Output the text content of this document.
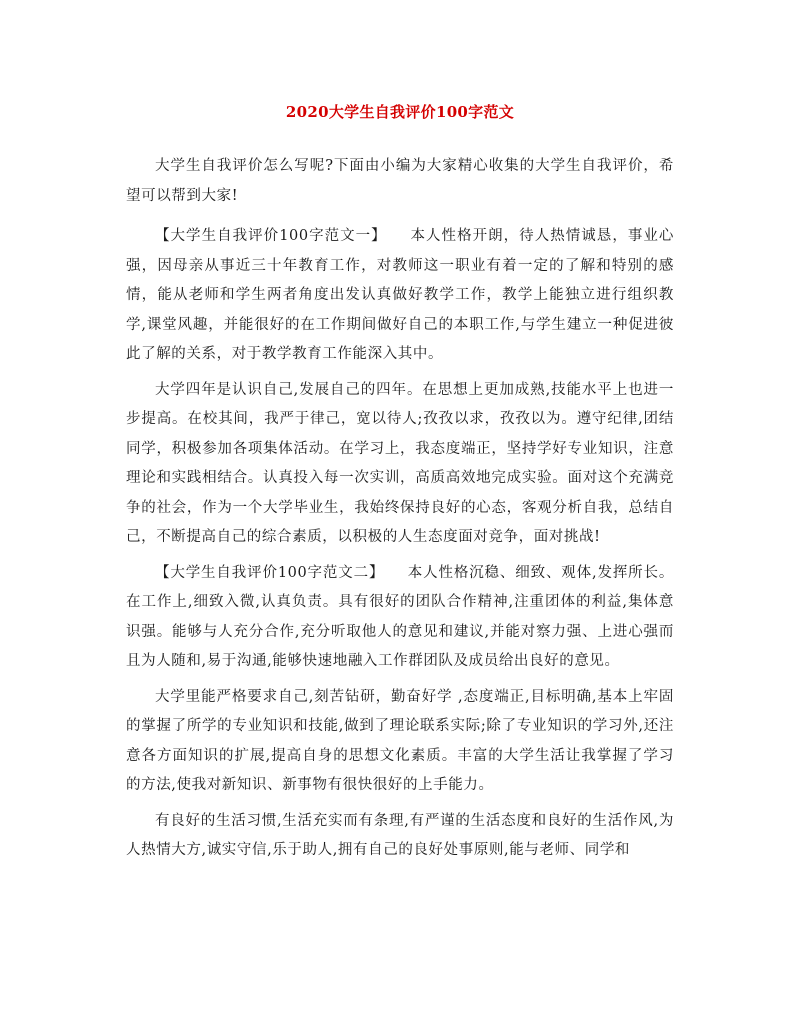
2020大学生自我评价100字范文

大学生自我评价怎么写呢?下面由小编为大家精心收集的大学生自我评价，希望可以帮到大家!

【大学生自我评价100字范文一】　　本人性格开朗，待人热情诚恳，事业心强，因母亲从事近三十年教育工作，对教师这一职业有着一定的了解和特别的感情，能从老师和学生两者角度出发认真做好教学工作，教学上能独立进行组织教学,课堂风趣，并能很好的在工作期间做好自己的本职工作,与学生建立一种促进彼此了解的关系，对于教学教育工作能深入其中。

大学四年是认识自己,发展自己的四年。在思想上更加成熟,技能水平上也进一步提高。在校其间，我严于律己，宽以待人;孜孜以求，孜孜以为。遵守纪律,团结同学，积极参加各项集体活动。在学习上，我态度端正，坚持学好专业知识，注意理论和实践相结合。认真投入每一次实训，高质高效地完成实验。面对这个充满竞争的社会，作为一个大学毕业生，我始终保持良好的心态，客观分析自我，总结自己，不断提高自己的综合素质，以积极的人生态度面对竞争，面对挑战!

【大学生自我评价100字范文二】　　本人性格沉稳、细致、观体,发挥所长。 在工作上,细致入微,认真负责。具有很好的团队合作精神,注重团体的利益,集体意识强。能够与人充分合作,充分听取他人的意见和建议,并能对察力强、上进心强而且为人随和,易于沟通,能够快速地融入工作群团队及成员给出良好的意见。

大学里能严格要求自己,刻苦钻研，勤奋好学 ,态度端正,目标明确,基本上牢固的掌握了所学的专业知识和技能,做到了理论联系实际;除了专业知识的学习外,还注意各方面知识的扩展,提高自身的思想文化素质。丰富的大学生活让我掌握了学习的方法,使我对新知识、新事物有很快很好的上手能力。

有良好的生活习惯,生活充实而有条理,有严谨的生活态度和良好的生活作风,为人热情大方,诚实守信,乐于助人,拥有自己的良好处事原则,能与老师、同学和
